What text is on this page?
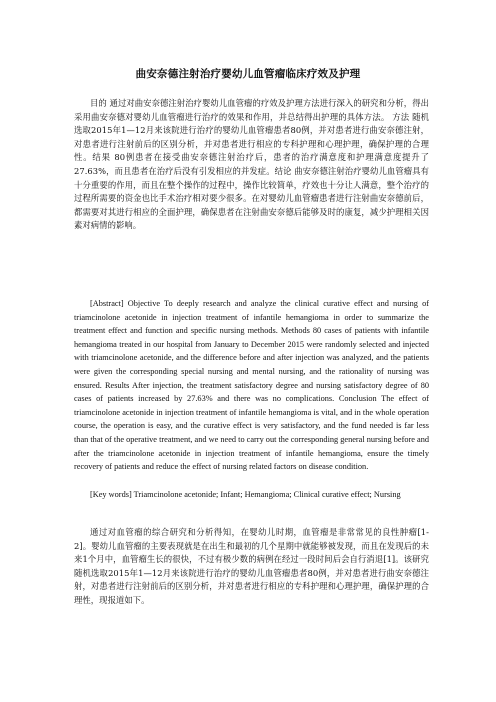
曲安奈德注射治疗婴幼儿血管瘤临床疗效及护理
目的 通过对曲安奈德注射治疗婴幼儿血管瘤的疗效及护理方法进行深入的研究和分析，得出采用曲安奈德对婴幼儿血管瘤进行治疗的效果和作用，并总结得出护理的具体方法。 方法 随机选取2015年1—12月来该院进行治疗的婴幼儿血管瘤患者80例，并对患者进行曲安奈德注射，对患者进行注射前后的区别分析，并对患者进行相应的专科护理和心理护理，确保护理的合理性。结果 80例患者在接受曲安奈德注射治疗后，患者的治疗满意度和护理满意度提升了27.63%，而且患者在治疗后没有引发相应的并发症。结论 曲安奈德注射治疗婴幼儿血管瘤具有十分重要的作用，而且在整个操作的过程中，操作比较简单，疗效也十分让人满意，整个治疗的过程所需要的资金也比手术治疗相对要少很多。在对婴幼儿血管瘤患者进行注射曲安奈德前后，都需要对其进行相应的全面护理，确保患者在注射曲安奈德后能够及时的康复，减少护理相关因素对病情的影响。
[Abstract] Objective To deeply research and analyze the clinical curative effect and nursing of triamcinolone acetonide in injection treatment of infantile hemangioma in order to summarize the treatment effect and function and specific nursing methods. Methods 80 cases of patients with infantile hemangioma treated in our hospital from January to December 2015 were randomly selected and injected with triamcinolone acetonide, and the difference before and after injection was analyzed, and the patients were given the corresponding special nursing and mental nursing, and the rationality of nursing was ensured. Results After injection, the treatment satisfactory degree and nursing satisfactory degree of 80 cases of patients increased by 27.63% and there was no complications. Conclusion The effect of triamcinolone acetonide in injection treatment of infantile hemangioma is vital, and in the whole operation course, the operation is easy, and the curative effect is very satisfactory, and the fund needed is far less than that of the operative treatment, and we need to carry out the corresponding general nursing before and after the triamcinolone acetonide in injection treatment of infantile hemangioma, ensure the timely recovery of patients and reduce the effect of nursing related factors on disease condition.
[Key words] Triamcinolone acetonide; Infant; Hemangioma; Clinical curative effect; Nursing
通过对血管瘤的综合研究和分析得知，在婴幼儿时期，血管瘤是非常常见的良性肿瘤[1-2]。婴幼儿血管瘤的主要表现就是在出生和最初的几个星期中就能够被发现，而且在发现后的未来1个月中，血管瘤生长的很快，不过有极少数的病例在经过一段时间后会自行消退[1]。该研究随机选取2015年1—12月来该院进行治疗的婴幼儿血管瘤患者80例，并对患者进行曲安奈德注射，对患者进行注射前后的区别分析，并对患者进行相应的专科护理和心理护理，确保护理的合理性，现报道如下。
